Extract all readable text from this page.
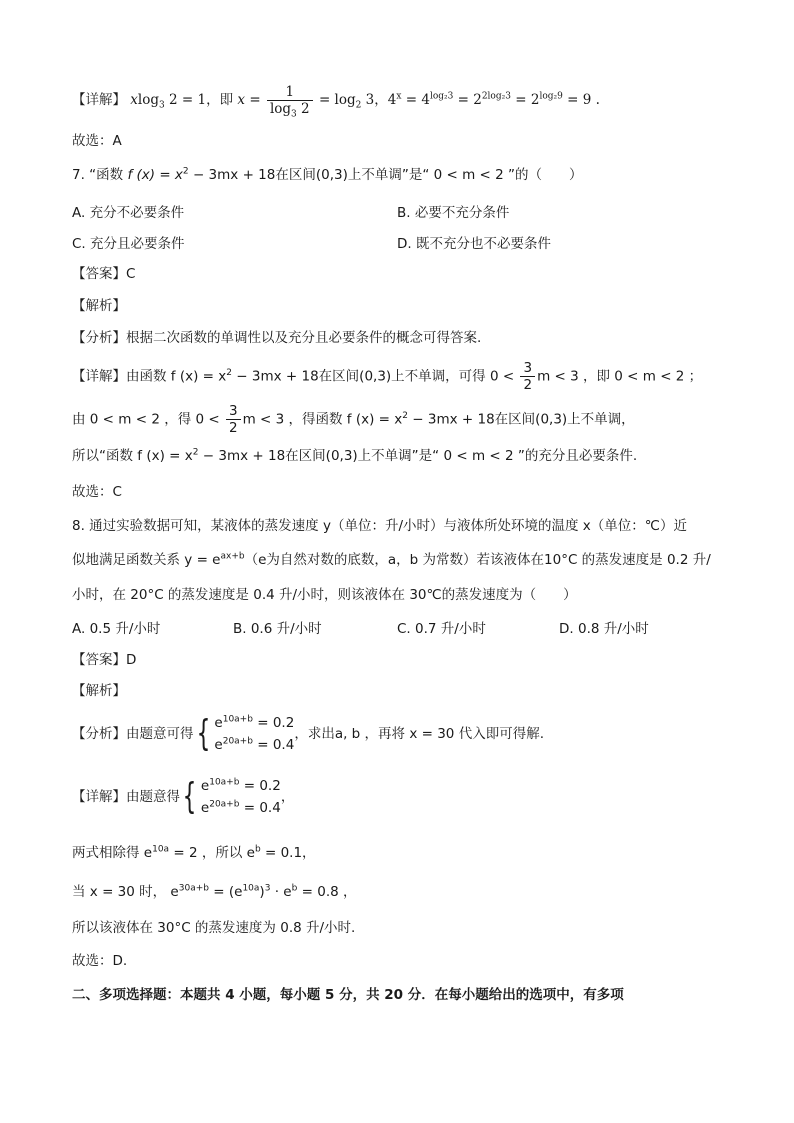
【详解】 xlog$_3$ 2 = 1，即 $x = \frac{1}{\log_3 2} = \log_2 3$，$4^x = 4^{log_23} = 2^{2log_23} = 2^{log_29} = 9$ .
故选：A
7. “函数 f $(x) = x^2 - 3mx + 18$在区间(0,3)上不单调”是“ 0 < m < 2 ”的（　　）
A. 充分不必要条件	B. 必要不充分条件
C. 充分且必要条件	D. 既不充分也不必要条件
【答案】C
【解析】
【分析】根据二次函数的单调性以及充分且必要条件的概念可得答案.
【详解】由函数 f $(x) = x^2 - 3mx + 18$在区间(0,3)上不单调，可得 $0 < \frac{3}{2}$ m < 3 ，即 0 < m < 2 ；
由 0 < m < 2 ，得 $0 < \frac{3}{2}$ m < 3 ，得函数 f $(x) = x^2 - 3mx + 18$在区间(0,3)上不单调，
所以“函数 f $(x) = x^2 - 3mx + 18$在区间(0,3)上不单调”是“ 0 < m < 2 ”的充分且必要条件.
故选：C
8. 通过实验数据可知，某液体的蒸发速度 y（单位：升/小时）与液体所处环境的温度 x（单位：℃）近
似地满足函数关系 $y = e^{ax+b}(e$为自然对数的底数，a，b 为常数）若该液体在10°C 的蒸发速度是 0.2 升/
小时，在 20°C 的蒸发速度是 0.4 升/小时，则该液体在 30℃的蒸发速度为（　　）
A. 0.5 升/小时	B. 0.6 升/小时	C. 0.7 升/小时	D. 0.8 升/小时
【答案】D
【解析】
【分析】由题意可得{ $e^{10a+b} = 0.2$
$e^{20a+b} = 0.4$
，求出a, b ，再将 x = 30 代入即可得解.
【详解】由题意得{ $e^{10a+b} = 0.2$
$e^{20a+b} = 0.4$
，
两式相除得 $e^{10a} = 2$ ，所以 $e^b = 0.1$，
当 x = 30 时， $e^{30a+b} = (e^{10a})^3 \cdot e^b = 0.8$ ，
所以该液体在 30°C 的蒸发速度为 0.8 升/小时.
故选：D.
二、多项选择题：本题共 4 小题，每小题 5 分，共 20 分．在每小题给出的选项中，有多项
